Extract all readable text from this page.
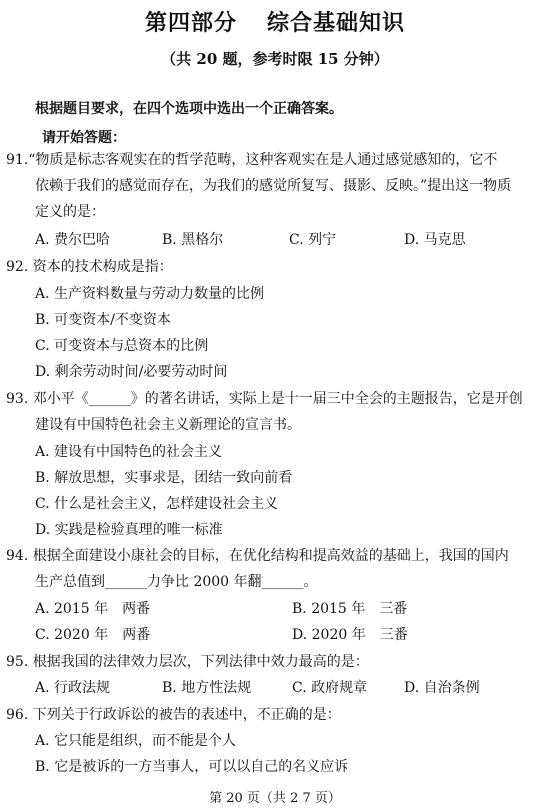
第四部分 综合基础知识
（共 20 题，参考时限 15 分钟）
根据题目要求，在四个选项中选出一个正确答案。
请开始答题：
91.“物质是标志客观实在的哲学范畴，这种客观实在是人通过感觉感知的，它不
依赖于我们的感觉而存在，为我们的感觉所复写、摄影、反映。”提出这一物质
定义的是：
A. 费尔巴哈	B. 黑格尔	C. 列宁	D. 马克思
92. 资本的技术构成是指：
A. 生产资料数量与劳动力数量的比例
B. 可变资本/不变资本
C. 可变资本与总资本的比例
D. 剩余劳动时间/必要劳动时间
93. 邓小平《______》的著名讲话，实际上是十一届三中全会的主题报告，它是开创
建设有中国特色社会主义新理论的宣言书。
A. 建设有中国特色的社会主义
B. 解放思想，实事求是，团结一致向前看
C. 什么是社会主义，怎样建设社会主义
D. 实践是检验真理的唯一标准
94. 根据全面建设小康社会的目标，在优化结构和提高效益的基础上，我国的国内
生产总值到______力争比 2000 年翻______。
A. 2015 年　两番	B. 2015 年　三番
C. 2020 年　两番	D. 2020 年　三番
95. 根据我国的法律效力层次，下列法律中效力最高的是：
A. 行政法规	B. 地方性法规	C. 政府规章	D. 自治条例
96. 下列关于行政诉讼的被告的表述中，不正确的是：
A. 它只能是组织，而不能是个人
B. 它是被诉的一方当事人，可以以自己的名义应诉
第 20 页（共 2 7 页）
